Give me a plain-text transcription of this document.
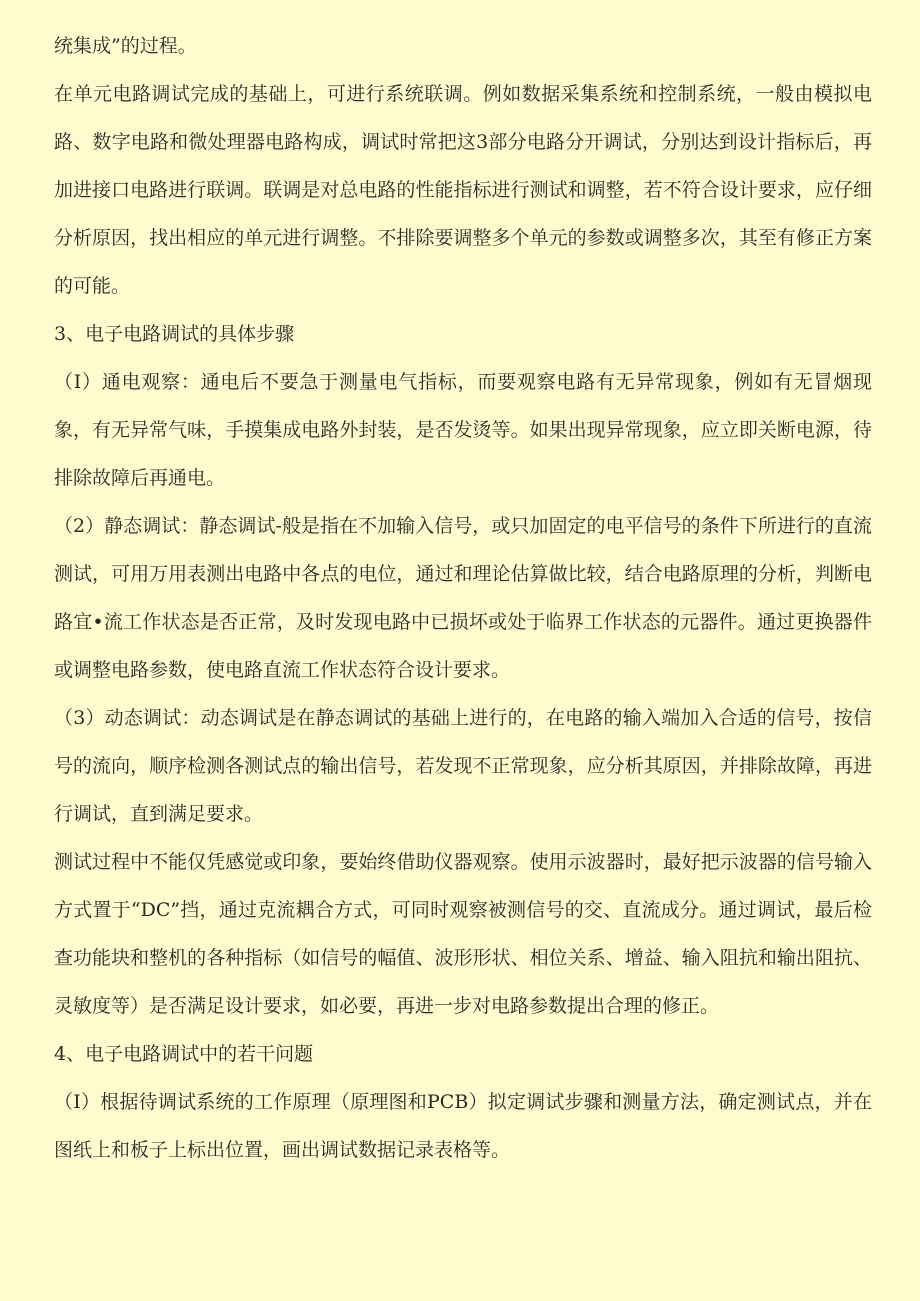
统集成”的过程。

在单元电路调试完成的基础上，可进行系统联调。例如数据采集系统和控制系统，一般由模拟电路、数字电路和微处理器电路构成，调试时常把这3部分电路分开调试，分别达到设计指标后，再加进接口电路进行联调。联调是对总电路的性能指标进行测试和调整，若不符合设计要求，应仔细分析原因，找出相应的单元进行调整。不排除要调整多个单元的参数或调整多次，其至有修正方案的可能。

3、电子电路调试的具体步骤

（I）通电观察：通电后不要急于测量电气指标，而要观察电路有无异常现象，例如有无冒烟现象，有无异常气味，手摸集成电路外封装，是否发烫等。如果出现异常现象，应立即关断电源，待排除故障后再通电。

（2）静态调试：静态调试-般是指在不加输入信号，或只加固定的电平信号的条件下所进行的直流测试，可用万用表测出电路中各点的电位，通过和理论估算做比较，结合电路原理的分析，判断电路宜•流工作状态是否正常，及时发现电路中已损坏或处于临界工作状态的元器件。通过更换器件或调整电路参数，使电路直流工作状态符合设计要求。

（3）动态调试：动态调试是在静态调试的基础上进行的，在电路的输入端加入合适的信号，按信号的流向，顺序检测各测试点的输出信号，若发现不正常现象，应分析其原因，并排除故障，再进行调试，直到满足要求。

测试过程中不能仅凭感觉或印象，要始终借助仪器观察。使用示波器时，最好把示波器的信号输入方式置于“DC”挡，通过克流耦合方式，可同时观察被测信号的交、直流成分。通过调试，最后检查功能块和整机的各种指标（如信号的幅值、波形形状、相位关系、增益、输入阻抗和输出阻抗、灵敏度等）是否满足设计要求，如必要，再进一步对电路参数提出合理的修正。

4、电子电路调试中的若干问题

（I）根据待调试系统的工作原理（原理图和PCB）拟定调试步骤和测量方法，确定测试点，并在图纸上和板子上标出位置，画出调试数据记录表格等。
